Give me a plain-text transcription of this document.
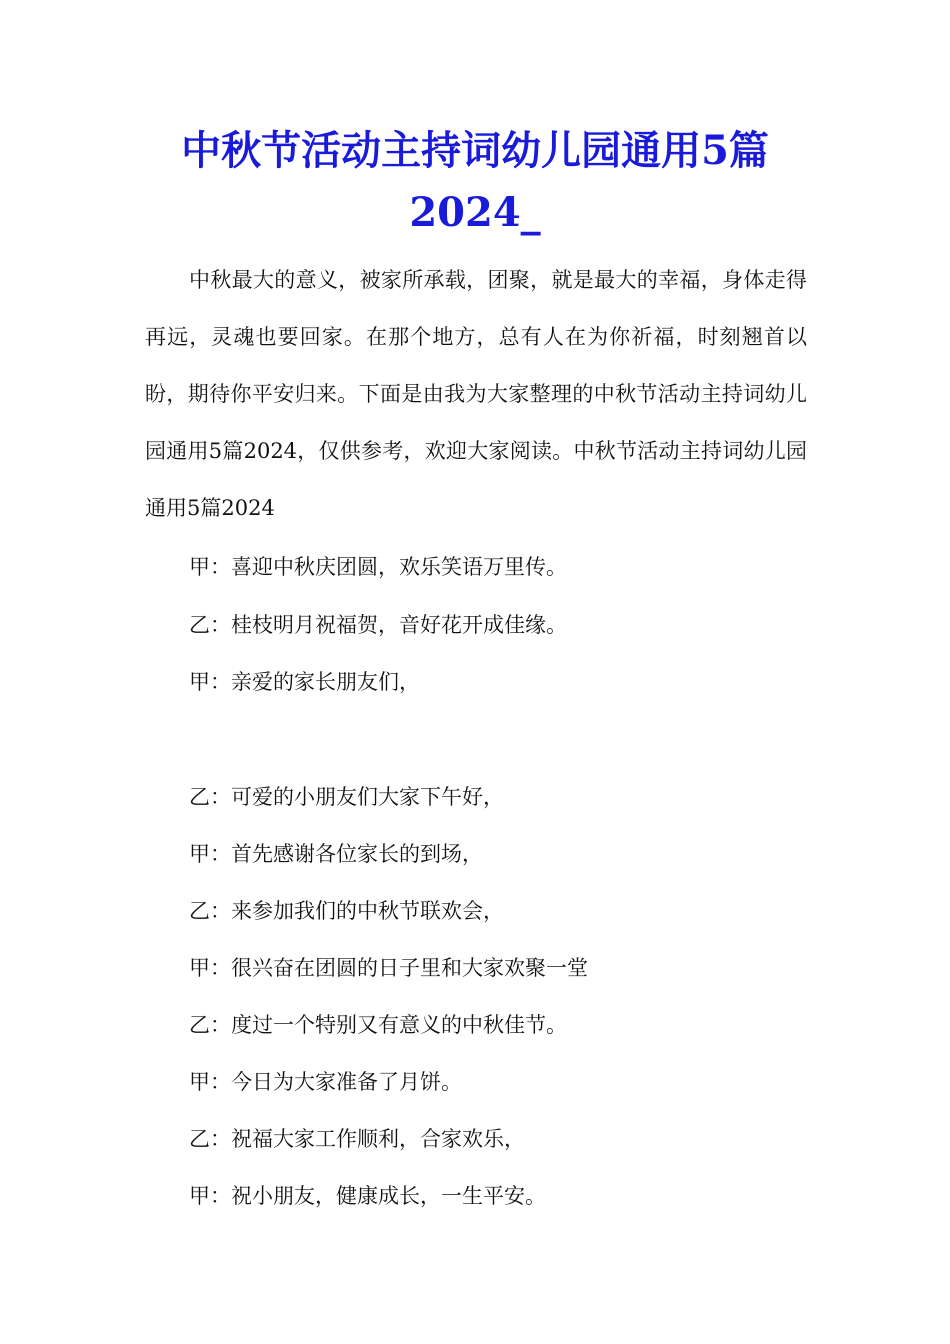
中秋节活动主持词幼儿园通用5篇2024_

中秋最大的意义，被家所承载，团聚，就是最大的幸福，身体走得再远，灵魂也要回家。在那个地方，总有人在为你祈福，时刻翘首以盼，期待你平安归来。下面是由我为大家整理的中秋节活动主持词幼儿园通用5篇2024，仅供参考，欢迎大家阅读。中秋节活动主持词幼儿园通用5篇2024

甲：喜迎中秋庆团圆，欢乐笑语万里传。

乙：桂枝明月祝福贺，音好花开成佳缘。

甲：亲爱的家长朋友们，

乙：可爱的小朋友们大家下午好，

甲：首先感谢各位家长的到场，

乙：来参加我们的中秋节联欢会，

甲：很兴奋在团圆的日子里和大家欢聚一堂

乙：度过一个特别又有意义的中秋佳节。

甲：今日为大家准备了月饼。

乙：祝福大家工作顺利，合家欢乐，

甲：祝小朋友，健康成长，一生平安。
